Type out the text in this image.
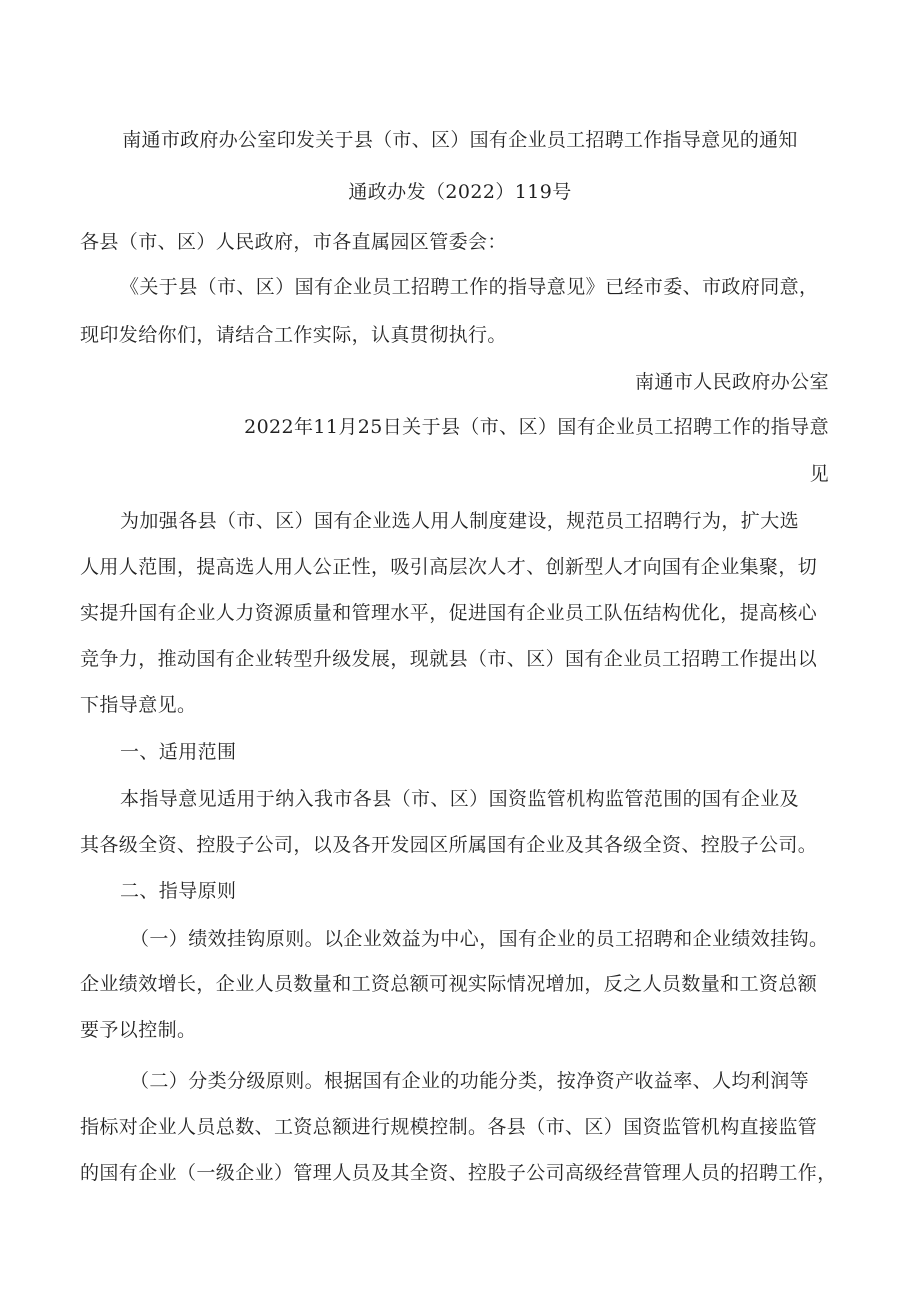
南通市政府办公室印发关于县（市、区）国有企业员工招聘工作指导意见的通知
通政办发（2022）119号
各县（市、区）人民政府，市各直属园区管委会：
《关于县（市、区）国有企业员工招聘工作的指导意见》已经市委、市政府同意，
现印发给你们，请结合工作实际，认真贯彻执行。
南通市人民政府办公室
2022年11月25日关于县（市、区）国有企业员工招聘工作的指导意
见
为加强各县（市、区）国有企业选人用人制度建设，规范员工招聘行为，扩大选
人用人范围，提高选人用人公正性，吸引高层次人才、创新型人才向国有企业集聚，切
实提升国有企业人力资源质量和管理水平，促进国有企业员工队伍结构优化，提高核心
竞争力，推动国有企业转型升级发展，现就县（市、区）国有企业员工招聘工作提出以
下指导意见。
一、适用范围
本指导意见适用于纳入我市各县（市、区）国资监管机构监管范围的国有企业及
其各级全资、控股子公司，以及各开发园区所属国有企业及其各级全资、控股子公司。
二、指导原则
（一）绩效挂钩原则。以企业效益为中心，国有企业的员工招聘和企业绩效挂钩。
企业绩效增长，企业人员数量和工资总额可视实际情况增加，反之人员数量和工资总额
要予以控制。
（二）分类分级原则。根据国有企业的功能分类，按净资产收益率、人均利润等
指标对企业人员总数、工资总额进行规模控制。各县（市、区）国资监管机构直接监管
的国有企业（一级企业）管理人员及其全资、控股子公司高级经营管理人员的招聘工作，
